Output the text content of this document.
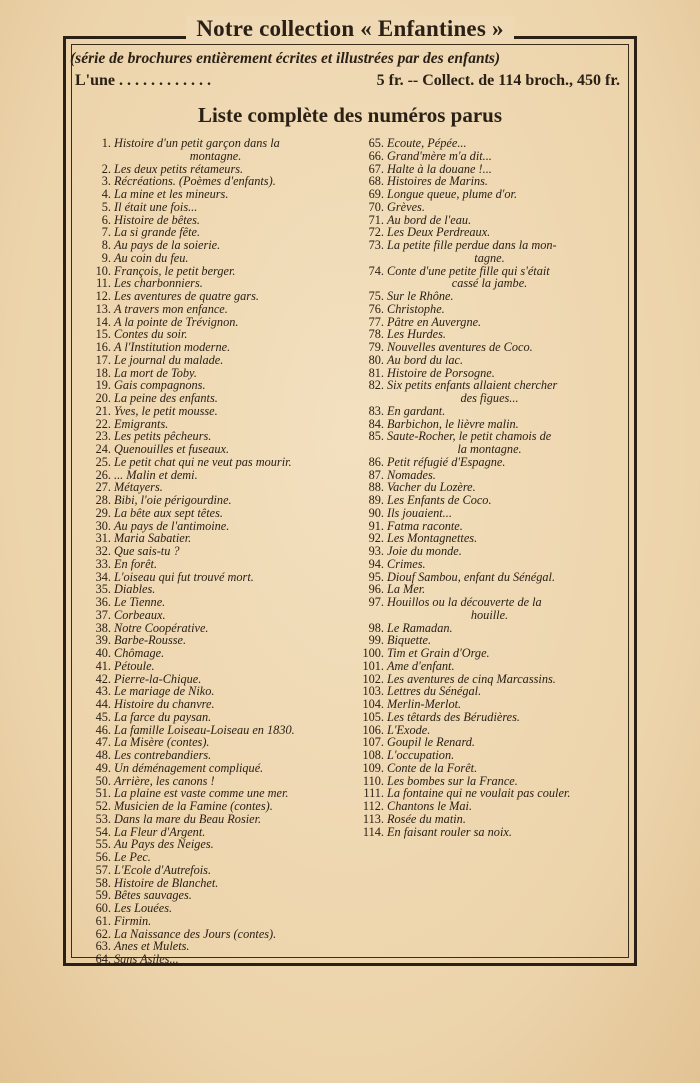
Notre collection « Enfantines »
(série de brochures entièrement écrites et illustrées par des enfants)
L'une . . . . . . . . . . . .	5 fr. -- Collect. de 114 broch., 450 fr.
Liste complète des numéros parus
1. Histoire d'un petit garçon dans la
montagne.
2. Les deux petits rétameurs.
3. Récréations. (Poèmes d'enfants).
4. La mine et les mineurs.
5. Il était une fois...
6. Histoire de bêtes.
7. La si grande fête.
8. Au pays de la soierie.
9. Au coin du feu.
10. François, le petit berger.
11. Les charbonniers.
12. Les aventures de quatre gars.
13. A travers mon enfance.
14. A la pointe de Trévignon.
15. Contes du soir.
16. A l'Institution moderne.
17. Le journal du malade.
18. La mort de Toby.
19. Gais compagnons.
20. La peine des enfants.
21. Yves, le petit mousse.
22. Emigrants.
23. Les petits pêcheurs.
24. Quenouilles et fuseaux.
25. Le petit chat qui ne veut pas mourir.
26. ... Malin et demi.
27. Métayers.
28. Bibi, l'oie périgourdine.
29. La bête aux sept têtes.
30. Au pays de l'antimoine.
31. Maria Sabatier.
32. Que sais-tu ?
33. En forêt.
34. L'oiseau qui fut trouvé mort.
35. Diables.
36. Le Tienne.
37. Corbeaux.
38. Notre Coopérative.
39. Barbe-Rousse.
40. Chômage.
41. Pétoule.
42. Pierre-la-Chique.
43. Le mariage de Niko.
44. Histoire du chanvre.
45. La farce du paysan.
46. La famille Loiseau-Loiseau en 1830.
47. La Misère (contes).
48. Les contrebandiers.
49. Un déménagement compliqué.
50. Arrière, les canons !
51. La plaine est vaste comme une mer.
52. Musicien de la Famine (contes).
53. Dans la mare du Beau Rosier.
54. La Fleur d'Argent.
55. Au Pays des Neiges.
56. Le Pec.
57. L'Ecole d'Autrefois.
58. Histoire de Blanchet.
59. Bêtes sauvages.
60. Les Louées.
61. Firmin.
62. La Naissance des Jours (contes).
63. Anes et Mulets.
64. Sans Asiles...
65. Ecoute, Pépée...
66. Grand'mère m'a dit...
67. Halte à la douane !...
68. Histoires de Marins.
69. Longue queue, plume d'or.
70. Grèves.
71. Au bord de l'eau.
72. Les Deux Perdreaux.
73. La petite fille perdue dans la mon-
tagne.
74. Conte d'une petite fille qui s'était
cassé la jambe.
75. Sur le Rhône.
76. Christophe.
77. Pâtre en Auvergne.
78. Les Hurdes.
79. Nouvelles aventures de Coco.
80. Au bord du lac.
81. Histoire de Porsogne.
82. Six petits enfants allaient chercher
des figues...
83. En gardant.
84. Barbichon, le lièvre malin.
85. Saute-Rocher, le petit chamois de
la montagne.
86. Petit réfugié d'Espagne.
87. Nomades.
88. Vacher du Lozère.
89. Les Enfants de Coco.
90. Ils jouaient...
91. Fatma raconte.
92. Les Montagnettes.
93. Joie du monde.
94. Crimes.
95. Diouf Sambou, enfant du Sénégal.
96. La Mer.
97. Houillos ou la découverte de la
houille.
98. Le Ramadan.
99. Biquette.
100. Tim et Grain d'Orge.
101. Ame d'enfant.
102. Les aventures de cinq Marcassins.
103. Lettres du Sénégal.
104. Merlin-Merlot.
105. Les têtards des Bérudières.
106. L'Exode.
107. Goupil le Renard.
108. L'occupation.
109. Conte de la Forêt.
110. Les bombes sur la France.
111. La fontaine qui ne voulait pas couler.
112. Chantons le Mai.
113. Rosée du matin.
114. En faisant rouler sa noix.
